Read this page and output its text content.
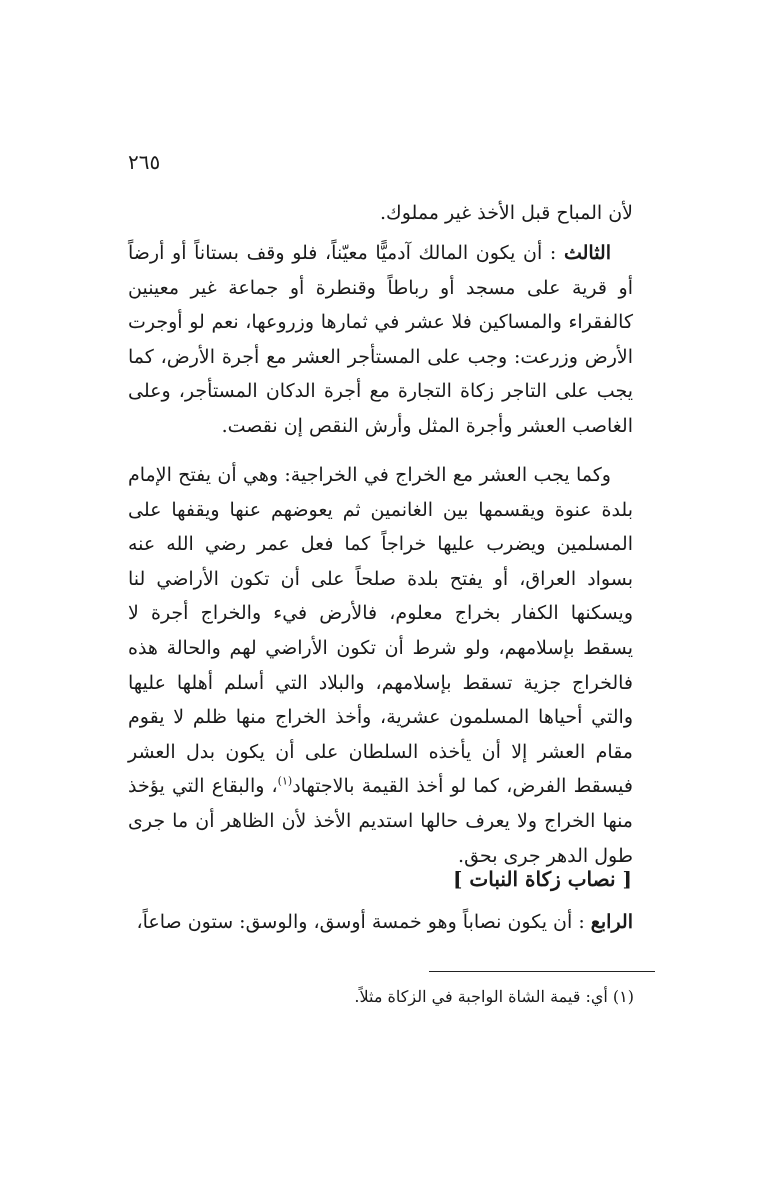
٢٦٥

لأن المباح قبل الأخذ غير مملوك.

الثالث : أن يكون المالك آدميًّا معيّناً، فلو وقف بستاناً أو أرضاً أو قرية على مسجد أو رباطاً وقنطرة أو جماعة غير معينين كالفقراء والمساكين فلا عشر في ثمارها وزروعها، نعم لو أوجرت الأرض وزرعت: وجب على المستأجر العشر مع أجرة الأرض، كما يجب على التاجر زكاة التجارة مع أجرة الدكان المستأجر، وعلى الغاصب العشر وأجرة المثل وأرش النقص إن نقصت.

وكما يجب العشر مع الخراج في الخراجية: وهي أن يفتح الإمام بلدة عنوة ويقسمها بين الغانمين ثم يعوضهم عنها ويقفها على المسلمين ويضرب عليها خراجاً كما فعل عمر رضي الله عنه بسواد العراق، أو يفتح بلدة صلحاً على أن تكون الأراضي لنا ويسكنها الكفار بخراج معلوم، فالأرض فيء والخراج أجرة لا يسقط بإسلامهم، ولو شرط أن تكون الأراضي لهم والحالة هذه فالخراج جزية تسقط بإسلامهم، والبلاد التي أسلم أهلها عليها والتي أحياها المسلمون عشرية، وأخذ الخراج منها ظلم لا يقوم مقام العشر إلا أن يأخذه السلطان على أن يكون بدل العشر فيسقط الفرض، كما لو أخذ القيمة بالاجتهاد$^{(١)}$، والبقاع التي يؤخذ منها الخراج ولا يعرف حالها استديم الأخذ لأن الظاهر أن ما جرى طول الدهر جرى بحق.

[ نصاب زكاة النبات ]

الرابع : أن يكون نصاباً وهو خمسة أوسق، والوسق: ستون صاعاً،

(١) أي: قيمة الشاة الواجبة في الزكاة مثلاً.
